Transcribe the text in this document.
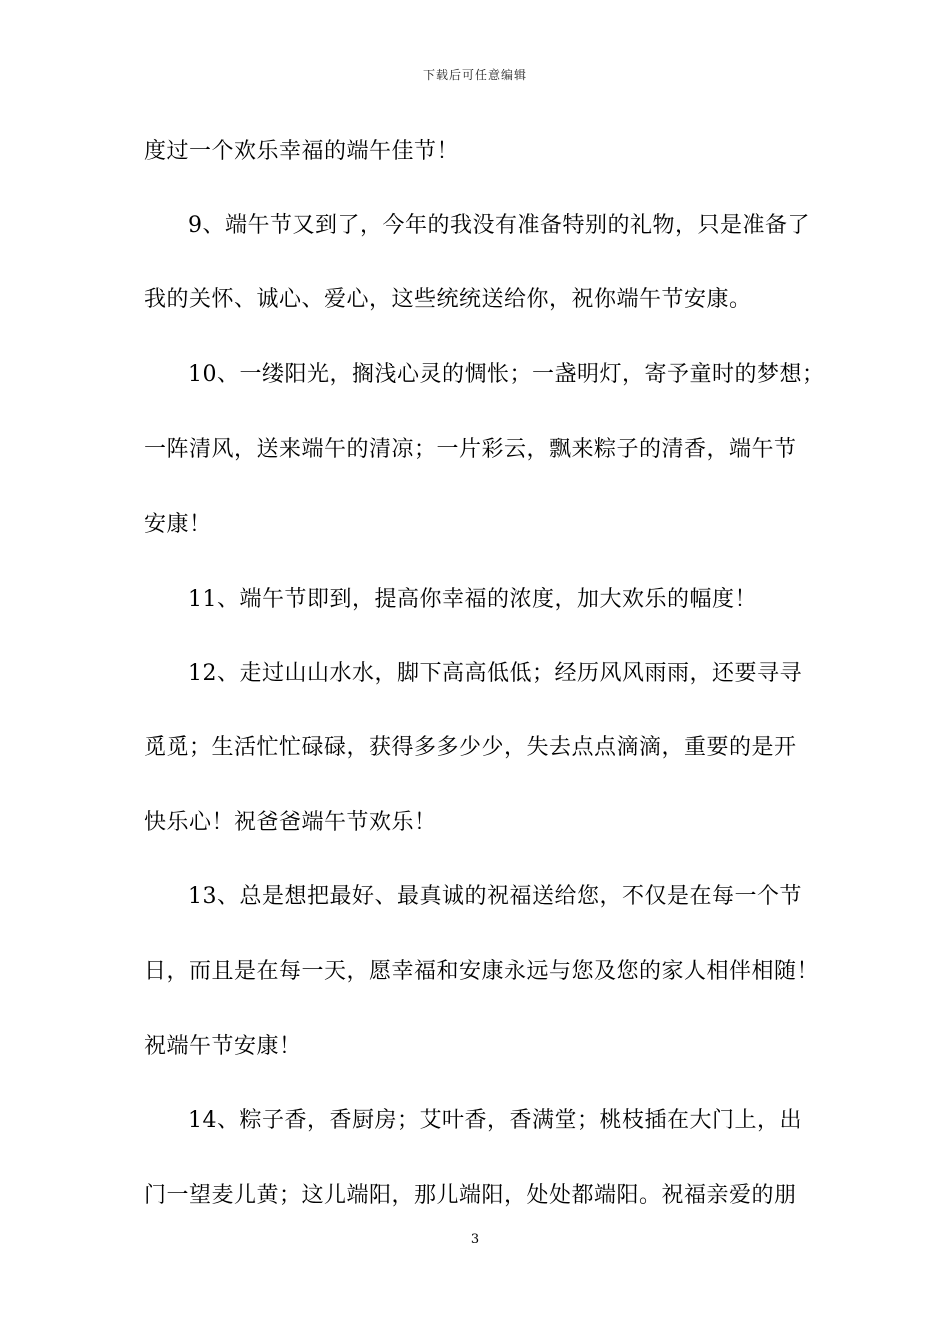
下载后可任意编辑
度过一个欢乐幸福的端午佳节！
9、端午节又到了，今年的我没有准备特别的礼物，只是准备了
我的关怀、诚心、爱心，这些统统送给你，祝你端午节安康。
10、一缕阳光，搁浅心灵的惆怅；一盏明灯，寄予童时的梦想；
一阵清风，送来端午的清凉；一片彩云，飘来粽子的清香，端午节
安康！
11、端午节即到，提高你幸福的浓度，加大欢乐的幅度！
12、走过山山水水，脚下高高低低；经历风风雨雨，还要寻寻
觅觅；生活忙忙碌碌，获得多多少少，失去点点滴滴，重要的是开
快乐心！祝爸爸端午节欢乐！
13、总是想把最好、最真诚的祝福送给您，不仅是在每一个节
日，而且是在每一天，愿幸福和安康永远与您及您的家人相伴相随！
祝端午节安康！
14、粽子香，香厨房；艾叶香，香满堂；桃枝插在大门上，出
门一望麦儿黄；这儿端阳，那儿端阳，处处都端阳。祝福亲爱的朋
3
